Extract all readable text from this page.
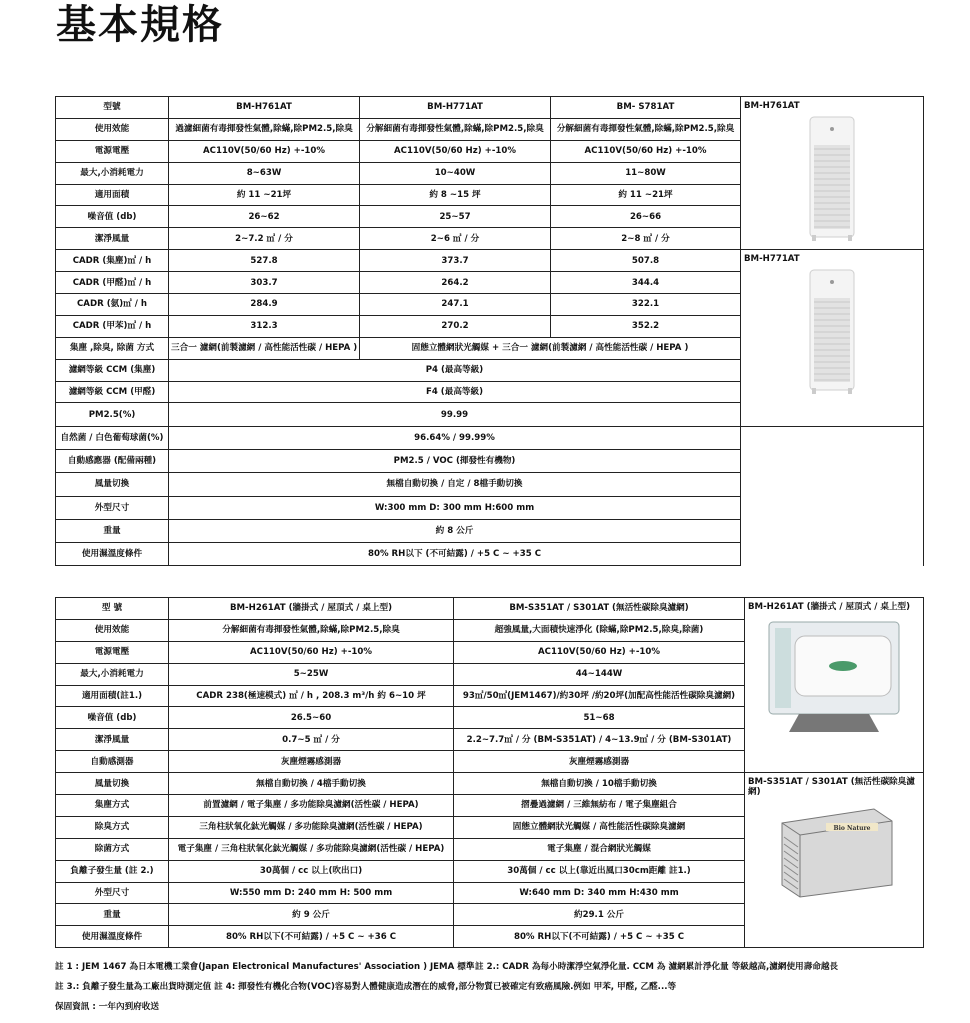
基本規格
型號	BM-H761AT	BM-H771AT	BM- S781AT	BM-H761AT	

使用效能	過濾細菌有毒揮發性氣體,除蟎,除PM2.5,除臭	分解細菌有毒揮發性氣體,除蟎,除PM2.5,除臭	分解細菌有毒揮發性氣體,除蟎,除PM2.5,除臭		
電源電壓	AC110V(50/60 Hz) +-10%	AC110V(50/60 Hz) +-10%	AC110V(50/60 Hz) +-10%		
最大,小消耗電力	8~63W	10~40W	11~80W		
適用面積	約 11 ~21坪	約 8 ~15 坪	約 11 ~21坪		
噪音值 (db)	26~62	25~57	26~66		
潔淨風量	2~7.2 ㎥ / 分	2~6 ㎥ / 分	2~8 ㎥ / 分		
CADR (集塵)㎥ / h	527.8	373.7	507.8	BM-H771AT	

CADR (甲醛)㎥ / h	303.7	264.2	344.4		
CADR (氨)㎥ / h	284.9	247.1	322.1		
CADR (甲苯)㎥ / h	312.3	270.2	352.2		
集塵 ,除臭, 除菌 方式	三合一 濾網(前製濾網 / 高性能活性碳 / HEPA )	固態立體網狀光觸媒 + 三合一 濾網(前製濾網 / 高性能活性碳 / HEPA )			
濾網等級 CCM (集塵)	P4 (最高等級)				
濾網等級 CCM (甲醛)	F4 (最高等級)				
PM2.5(%)	99.99	

自然菌 / 白色葡萄球菌(%)	96.64% / 99.99%				
自動感應器 (配備兩種)	PM2.5 / VOC (揮發性有機物)				
風量切換	無檔自動切換 / 自定 / 8檔手動切換				
外型尺寸	W:300 mm D: 300 mm H:600 mm				
重量	約 8 公斤				
使用濕溫度條件	80% RH以下 (不可結露) / +5 C ~ +35 C				
型 號	BM-H261AT (牆掛式 / 屋頂式 / 桌上型)	BM-S351AT / S301AT (無活性碳除臭濾網)	BM-H261AT (牆掛式 / 屋頂式 / 桌上型)

使用效能	分解細菌有毒揮發性氣體,除蟎,除PM2.5,除臭	超強風量,大面積快速淨化 (除蟎,除PM2.5,除臭,除菌)	
電源電壓	AC110V(50/60 Hz) +-10%	AC110V(50/60 Hz) +-10%	
最大,小消耗電力	5~25W	44~144W	
適用面積(註1.)	CADR 238(極速模式) ㎥ / h , 208.3 m³/h 約 6~10 坪	93㎥/50㎥(JEM1467)/約30坪 /約20坪(加配高性能活性碳除臭濾網)	
噪音值 (db)	26.5~60	51~68	
潔淨風量	0.7~5 ㎥ / 分	2.2~7.7㎥ / 分 (BM-S351AT) / 4~13.9㎥ / 分 (BM-S301AT)	
自動感測器	灰塵煙霧感測器	灰塵煙霧感測器	
風量切換	無檔自動切換 / 4檔手動切換	無檔自動切換 / 10檔手動切換	BM-S351AT / S301AT (無活性碳除臭濾網)
Bio Nature

集塵方式	前置濾網 / 電子集塵 / 多功能除臭濾網(活性碳 / HEPA)	摺疊過濾網 / 三維無紡布 / 電子集塵組合	
除臭方式	三角柱狀氧化鈦光觸媒 / 多功能除臭濾網(活性碳 / HEPA)	固態立體網狀光觸媒 / 高性能活性碳除臭濾網	
除菌方式	電子集塵 / 三角柱狀氧化鈦光觸媒 / 多功能除臭濾網(活性碳 / HEPA)	電子集塵 / 混合網狀光觸媒	
負離子發生量 (註 2.)	30萬個 / cc 以上(吹出口)	30萬個 / cc 以上(靠近出風口30cm距離 註1.)	
外型尺寸	W:550 mm D: 240 mm H: 500 mm	W:640 mm D: 340 mm H:430 mm	
重量	約 9 公斤	約29.1 公斤	
使用濕溫度條件	80% RH以下(不可結露) / +5 C ~ +36 C	80% RH以下(不可結露) / +5 C ~ +35 C	
註 1 : JEM 1467 為日本電機工業會(Japan Electronical Manufactures' Association ) JEMA 標準 註 2.: CADR 為每小時潔淨空氣淨化量. CCM 為 濾網累計淨化量 等級越高,濾網使用壽命越長
註 3.: 負離子發生量為工廠出貨時測定值 註 4: 揮發性有機化合物(VOC)容易對人體健康造成潛在的威脅,部分物質已被確定有致癌風險.例如 甲苯, 甲醛, 乙醛...等
保固資訊 : 一年內到府收送
